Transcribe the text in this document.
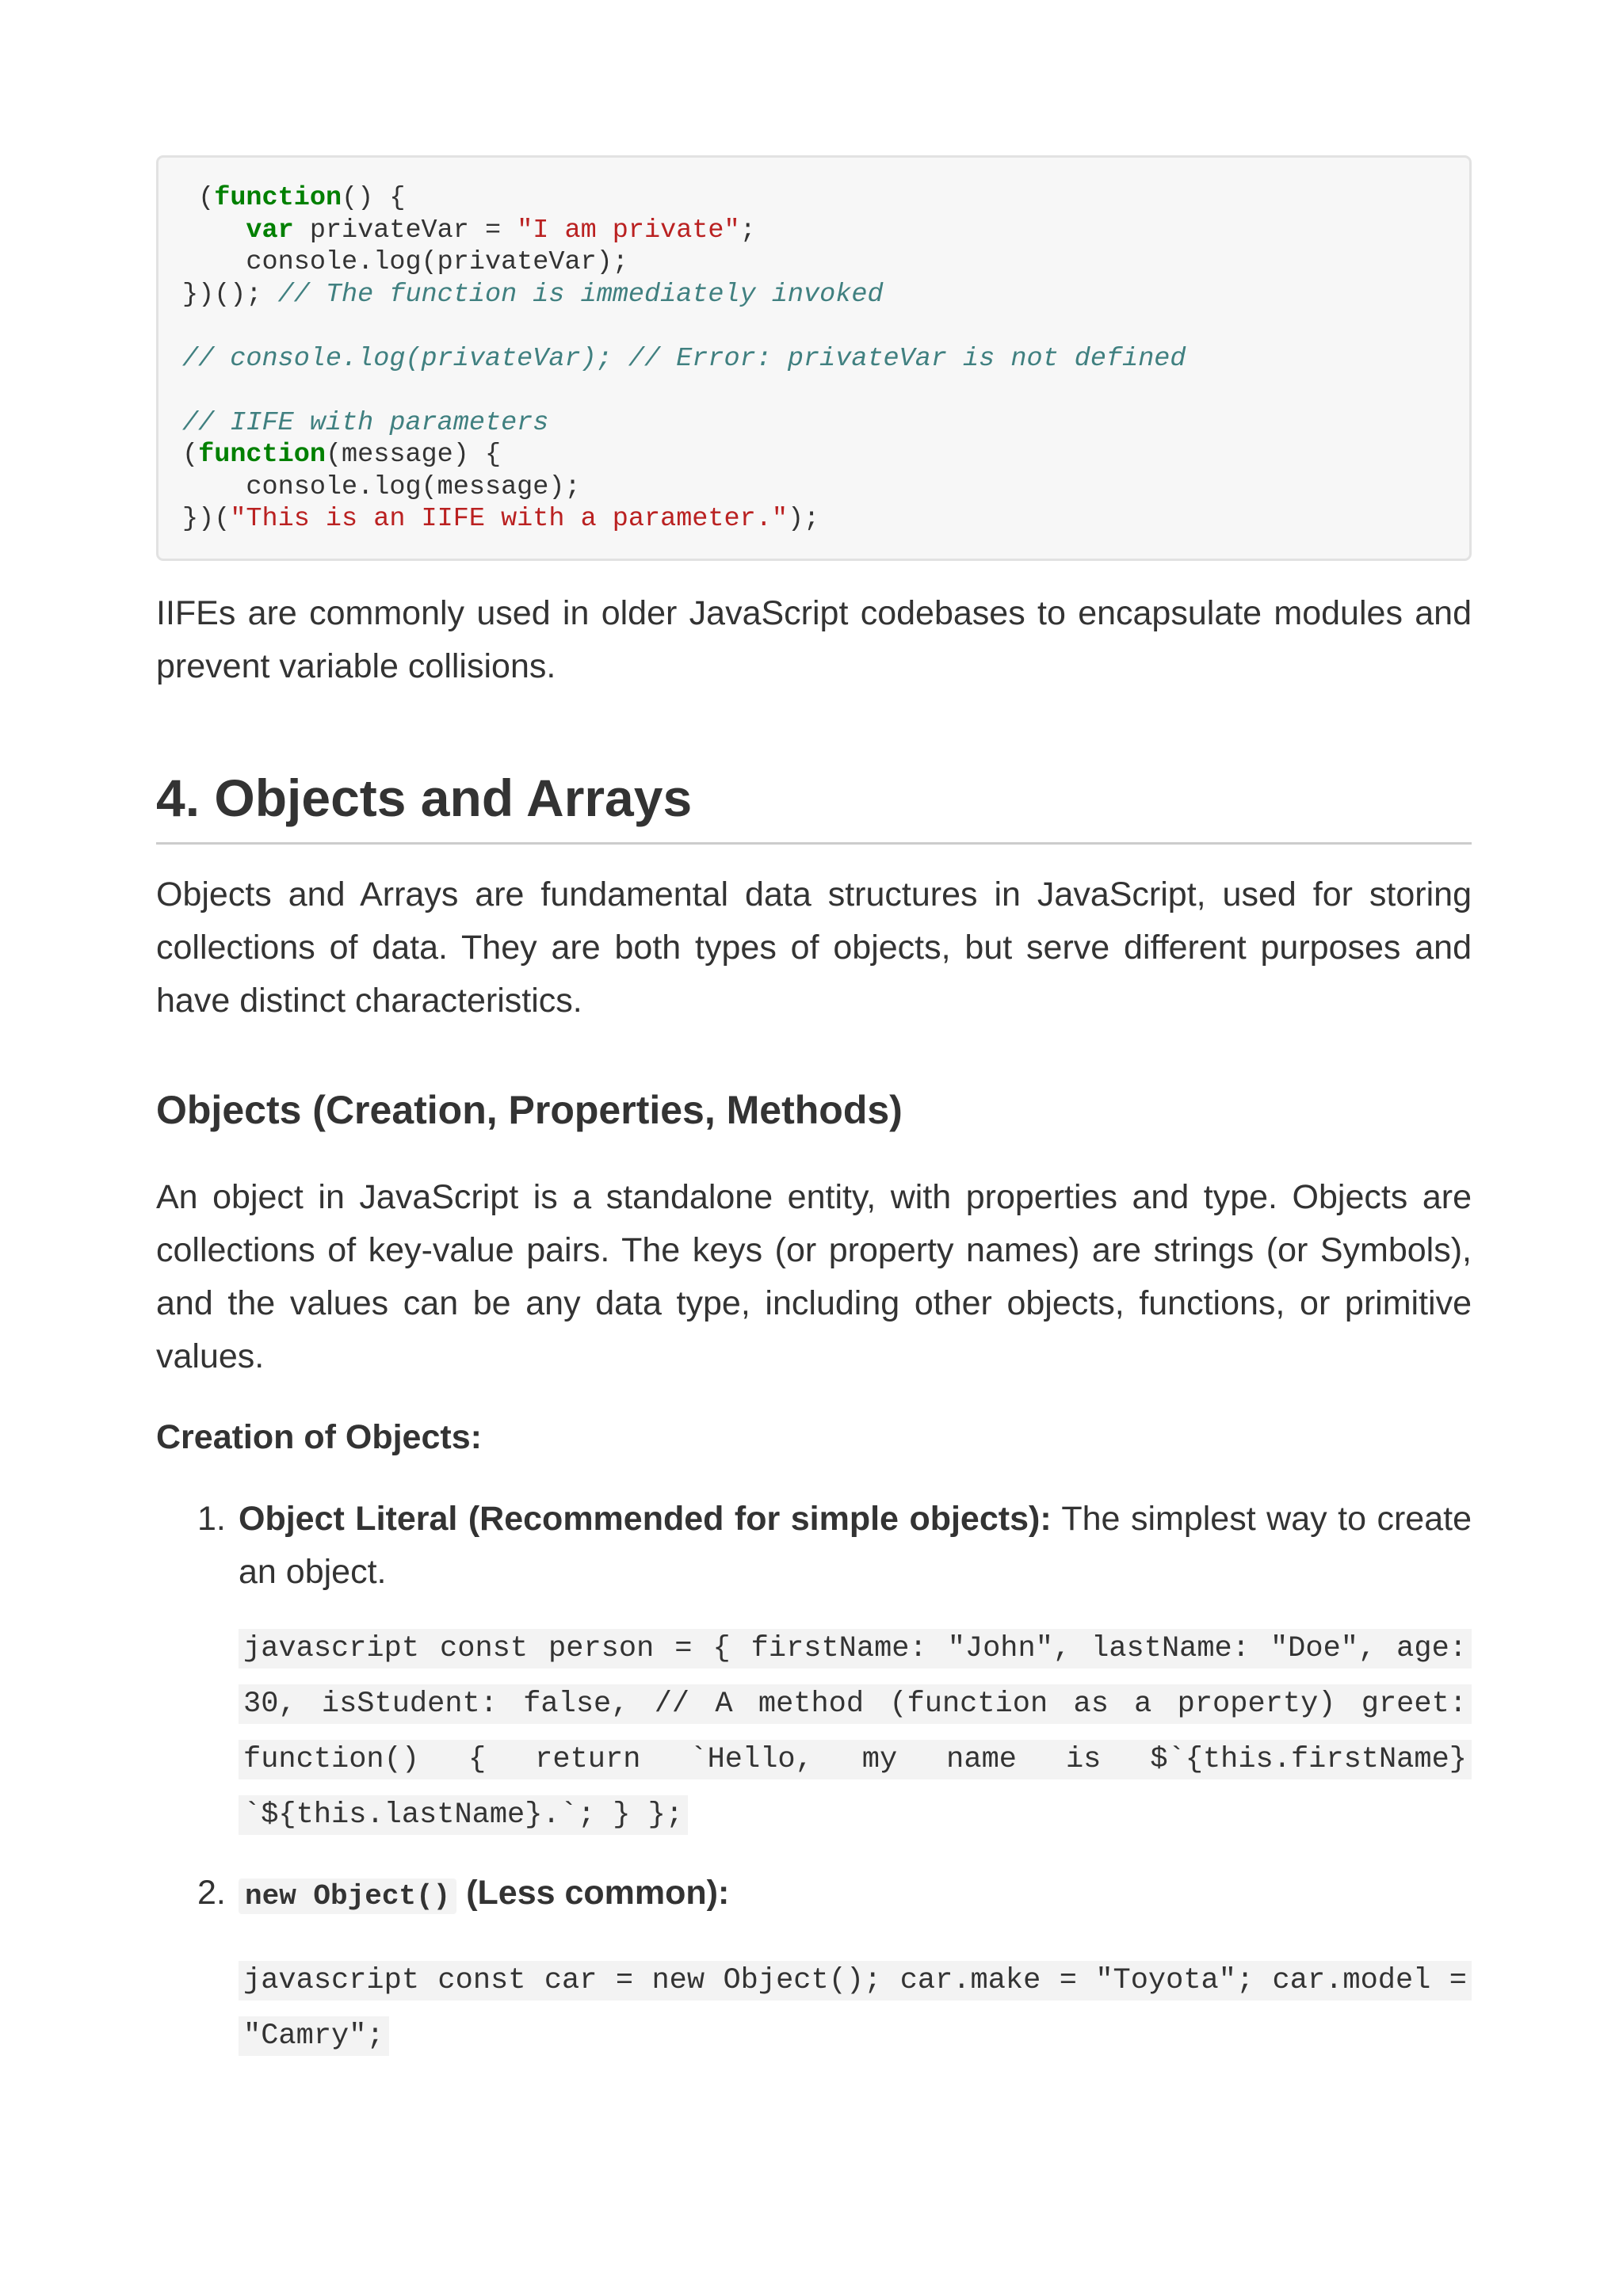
(function() {
var privateVar = "I am private";
console.log(privateVar);
})(); // The function is immediately invoked

// console.log(privateVar); // Error: privateVar is not defined

// IIFE with parameters
(function(message) {
console.log(message);
})("This is an IIFE with a parameter.");

IIFEs are commonly used in older JavaScript codebases to encapsulate modules and prevent variable collisions.

4. Objects and Arrays

Objects and Arrays are fundamental data structures in JavaScript, used for storing collections of data. They are both types of objects, but serve different purposes and have distinct characteristics.

Objects (Creation, Properties, Methods)

An object in JavaScript is a standalone entity, with properties and type. Objects are collections of key-value pairs. The keys (or property names) are strings (or Symbols), and the values can be any data type, including other objects, functions, or primitive values.

Creation of Objects:
1. Object Literal (Recommended for simple objects): The simplest way to create an object.

javascript const person = { firstName: "John", lastName: "Doe", age: 30, isStudent: false, // A method (function as a property) greet: function() { return `Hello, my name is $`{this.firstName} `${this.lastName}.`; } };

2. new Object() (Less common):

javascript const car = new Object(); car.make = "Toyota"; car.model = "Camry";
